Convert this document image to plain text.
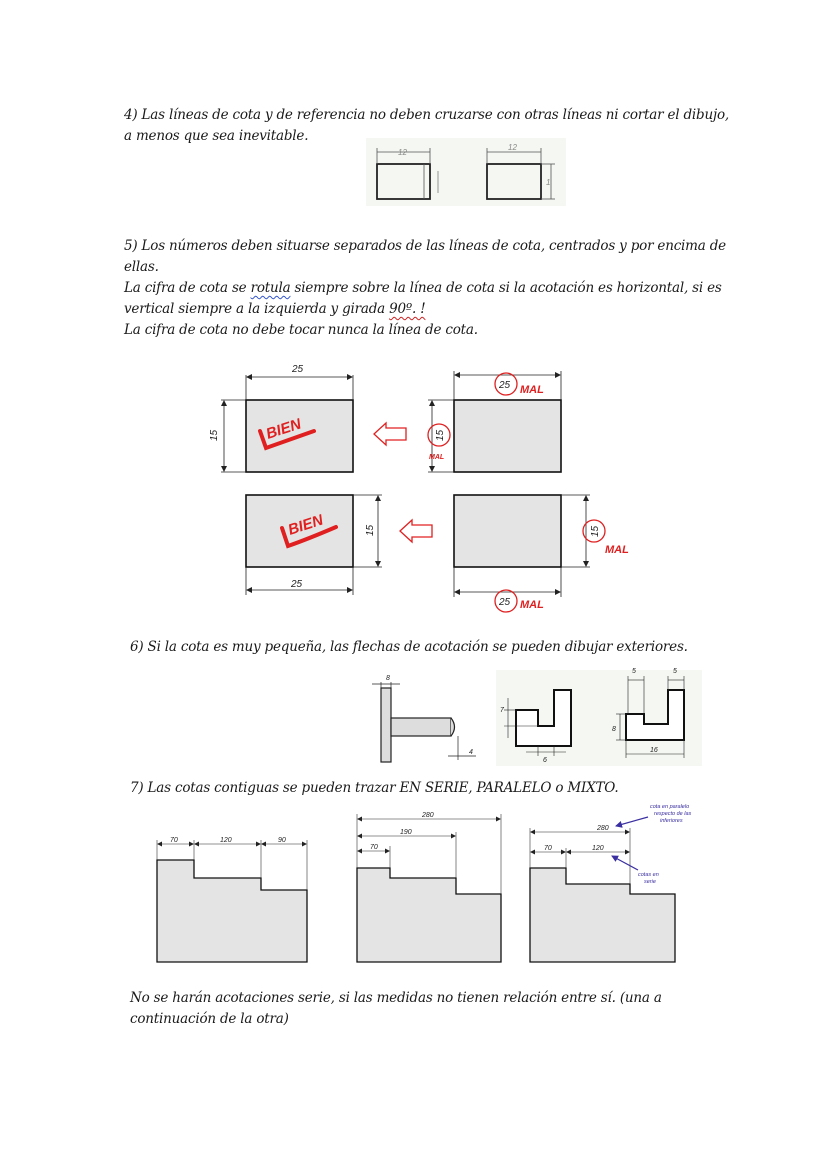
4) Las líneas de cota y de referencia no deben cruzarse con otras líneas ni cortar el dibujo,
a menos que sea inevitable.
12
12
1
5) Los números deben situarse separados de las líneas de cota, centrados y por encima de
ellas.
La cifra de cota se rotula siempre sobre la línea de cota si la acotación es horizontal, si es
vertical siempre a la izquierda y girada 90º. !
La cifra de cota no debe tocar nunca la línea de cota.
25
15	BIEN
25 MAL
15
MAL
25
15
BIEN
25 MAL
15
MAL
6) Si la cota es muy pequeña, las flechas de acotación se pueden dibujar exteriores.
8
4
7
6
5	5
8
16
7) Las cotas contiguas se pueden trazar EN SERIE, PARALELO o MIXTO.
70	120	90
280
190
70
280
70	120
cota en paralelo
respecto de las
inferiores
cotas en
serie
No se harán acotaciones serie, si las medidas no tienen relación entre sí. (una a
continuación de la otra)
